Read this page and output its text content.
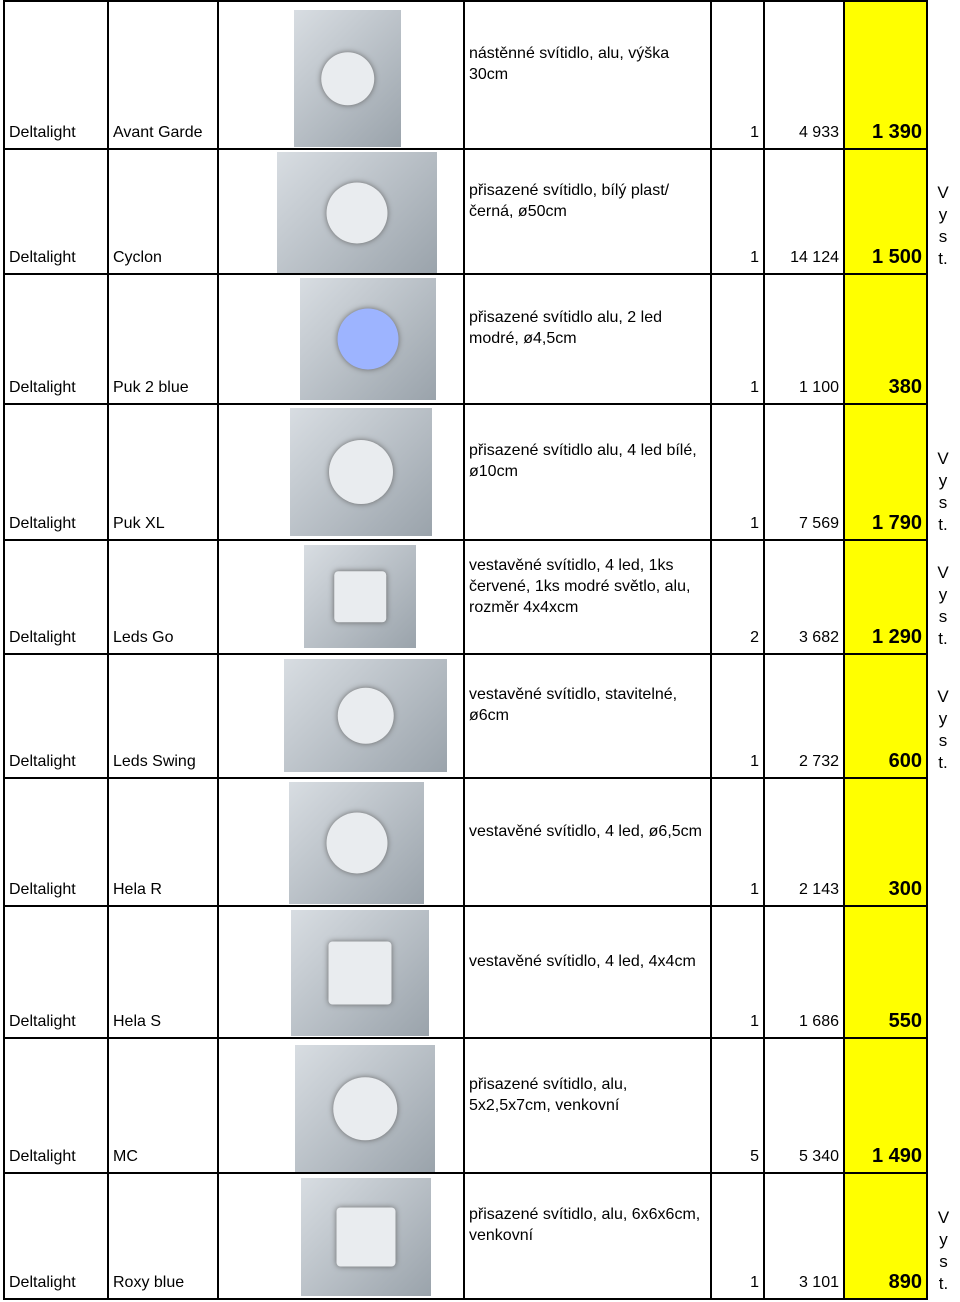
Deltalight	Avant Garde		nástěnné svítidlo, alu, výška 30cm	1	4 933	1 390	

Deltalight	Cyclon		přisazené svítidlo, bílý plast/černá, ø50cm	1	14 124	1 500	Vyst.

Deltalight	Puk 2 blue		přisazené svítidlo alu, 2 led modré, ø4,5cm	1	1 100	380	

Deltalight	Puk XL		přisazené svítidlo alu, 4 led bílé, ø10cm	1	7 569	1 790	Vyst.

Deltalight	Leds Go		vestavěné svítidlo, 4 led, 1ks červené, 1ks modré světlo, alu, rozměr 4x4xcm	2	3 682	1 290	Vyst.

Deltalight	Leds Swing		vestavěné svítidlo, stavitelné, ø6cm	1	2 732	600	Vyst.

Deltalight	Hela R		vestavěné svítidlo, 4 led, ø6,5cm	1	2 143	300	

Deltalight	Hela S		vestavěné svítidlo, 4 led, 4x4cm	1	1 686	550	

Deltalight	MC		přisazené svítidlo, alu, 5x2,5x7cm, venkovní	5	5 340	1 490	

Deltalight	Roxy blue		přisazené svítidlo, alu, 6x6x6cm, venkovní	1	3 101	890	Vyst.
